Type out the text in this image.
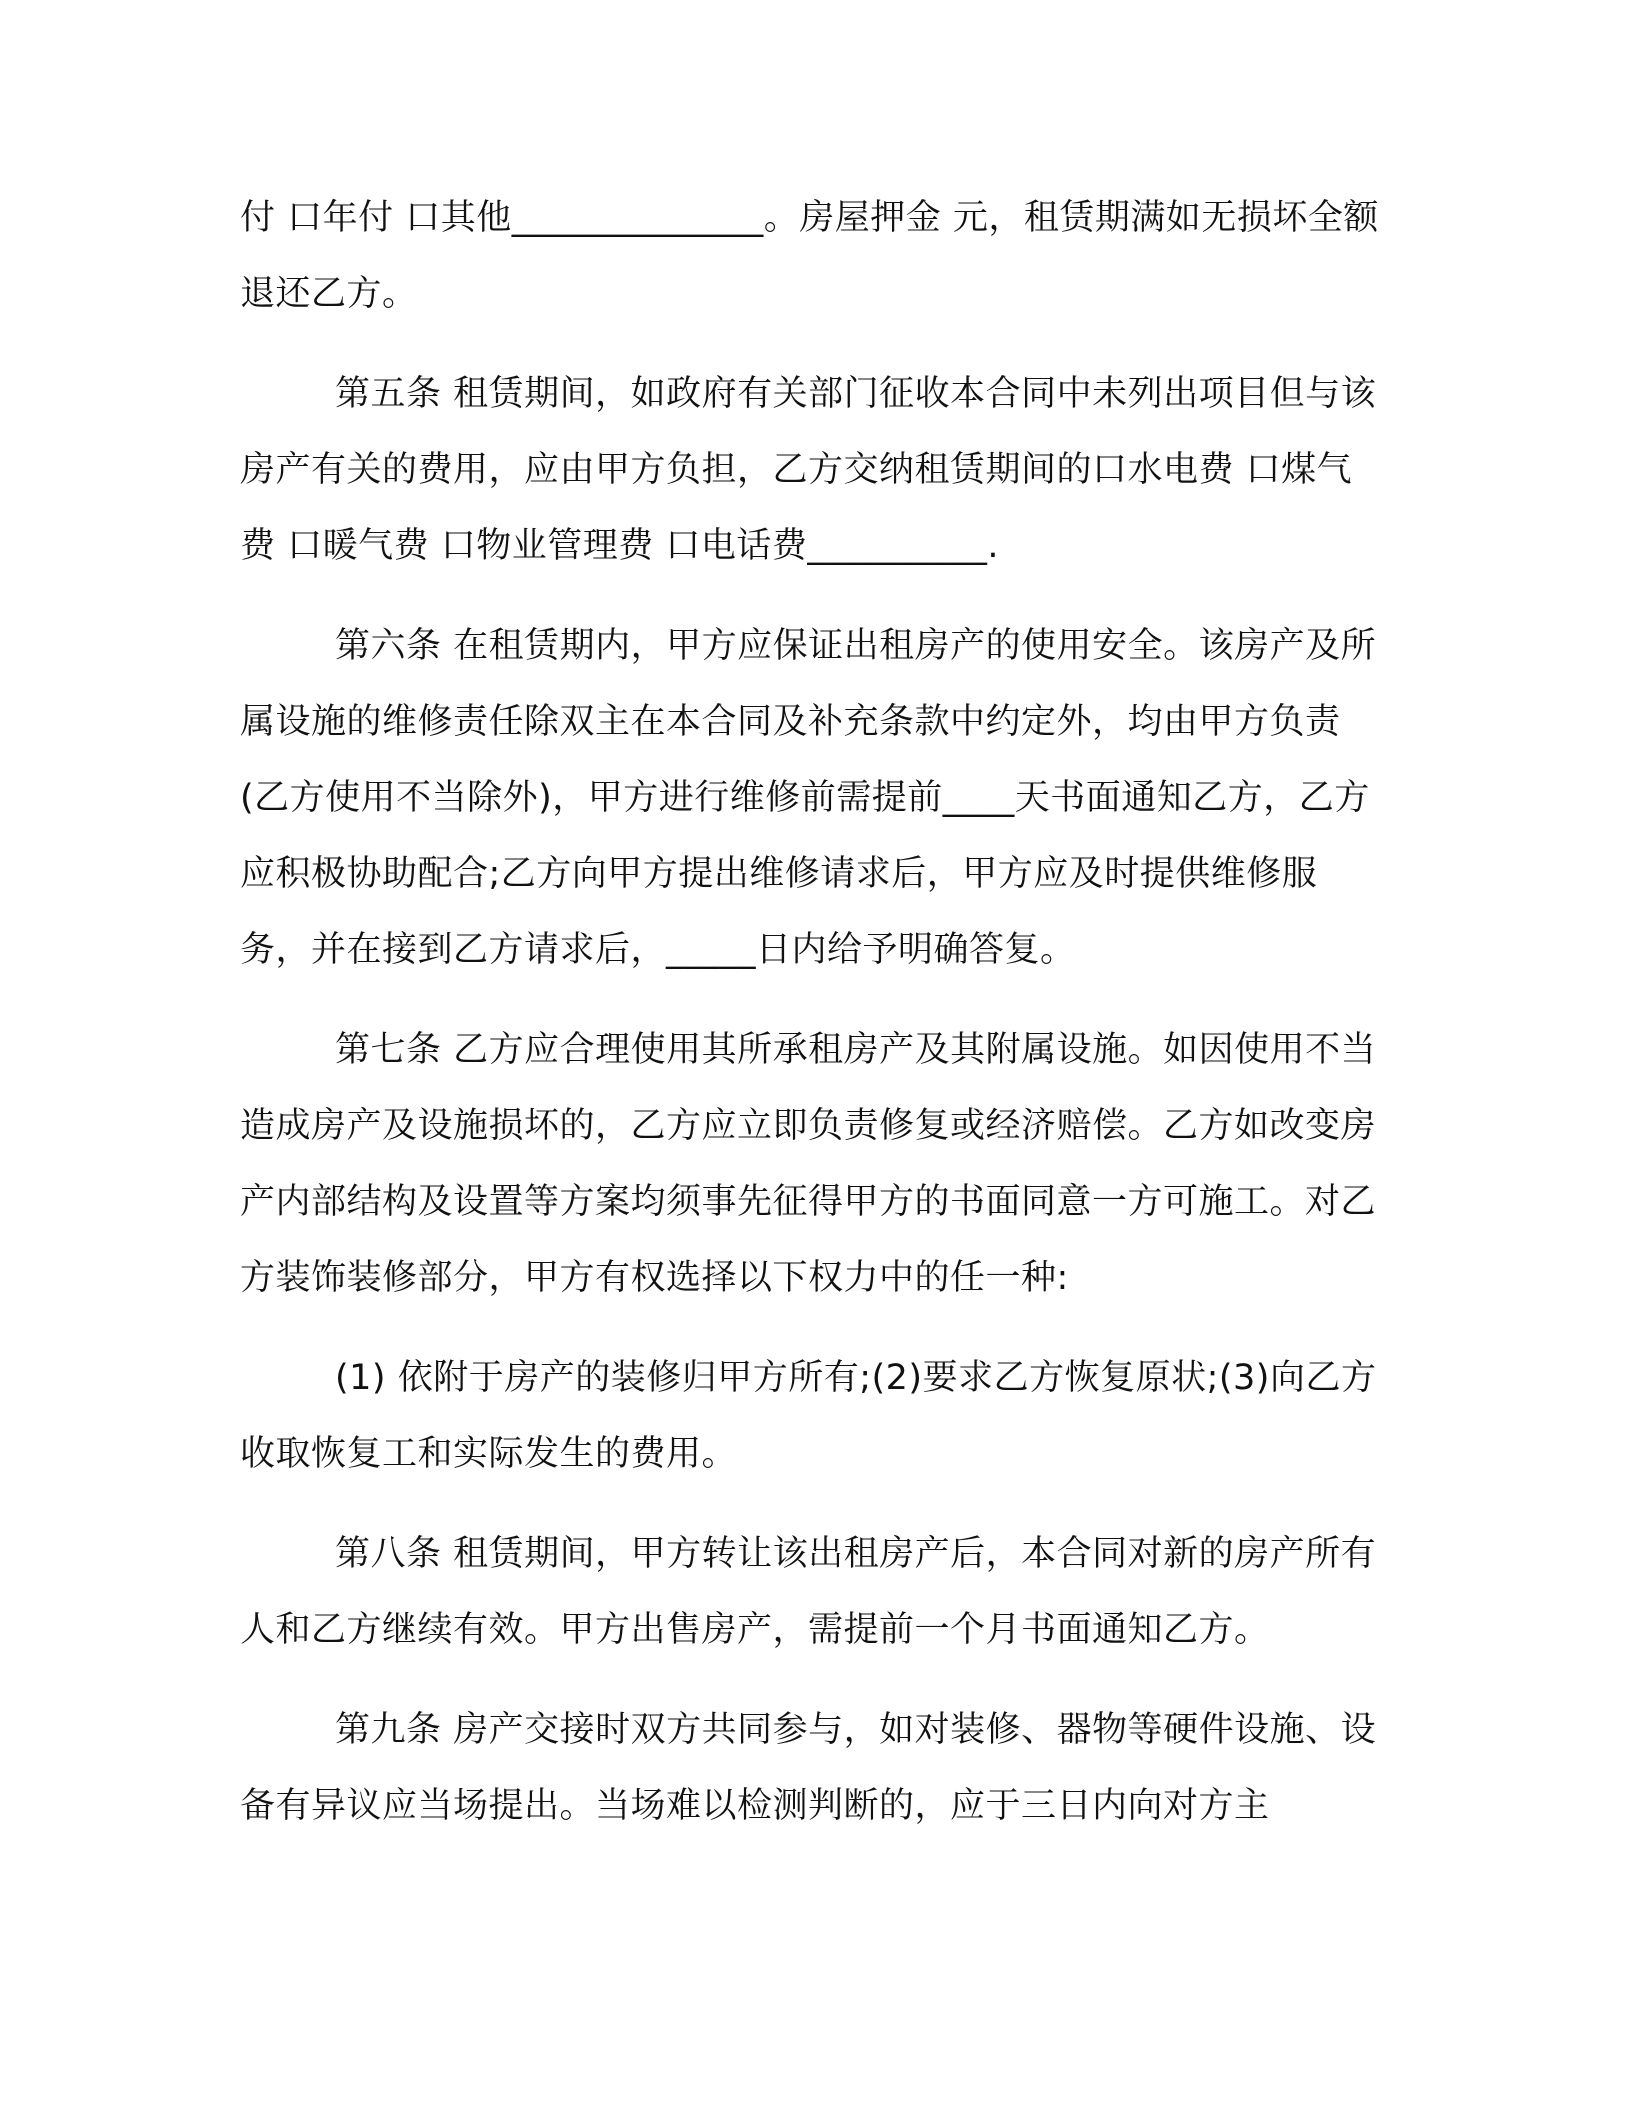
付 口年付 口其他______________。房屋押金 元，租赁期满如无损坏全额退还乙方。

第五条 租赁期间，如政府有关部门征收本合同中未列出项目但与该房产有关的费用，应由甲方负担，乙方交纳租赁期间的口水电费 口煤气费 口暖气费 口物业管理费 口电话费__________.

第六条 在租赁期内，甲方应保证出租房产的使用安全。该房产及所属设施的维修责任除双主在本合同及补充条款中约定外，均由甲方负责(乙方使用不当除外)，甲方进行维修前需提前____天书面通知乙方，乙方应积极协助配合;乙方向甲方提出维修请求后，甲方应及时提供维修服务，并在接到乙方请求后，_____日内给予明确答复。

第七条 乙方应合理使用其所承租房产及其附属设施。如因使用不当造成房产及设施损坏的，乙方应立即负责修复或经济赔偿。乙方如改变房产内部结构及设置等方案均须事先征得甲方的书面同意一方可施工。对乙方装饰装修部分，甲方有权选择以下权力中的任一种:

(1) 依附于房产的装修归甲方所有;(2)要求乙方恢复原状;(3)向乙方收取恢复工和实际发生的费用。

第八条 租赁期间，甲方转让该出租房产后，本合同对新的房产所有人和乙方继续有效。甲方出售房产，需提前一个月书面通知乙方。

第九条 房产交接时双方共同参与，如对装修、器物等硬件设施、设备有异议应当场提出。当场难以检测判断的，应于三日内向对方主
